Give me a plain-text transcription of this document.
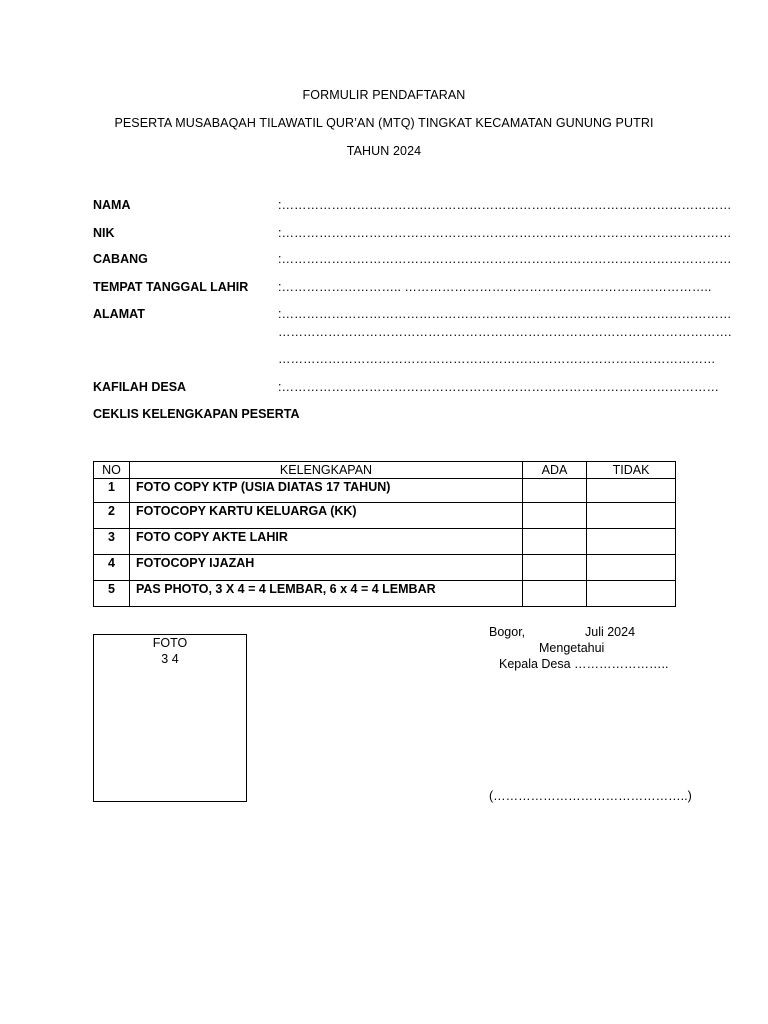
FORMULIR PENDAFTARAN
PESERTA MUSABAQAH TILAWATIL QUR’AN (MTQ) TINGKAT KECAMATAN GUNUNG PUTRI
TAHUN 2024
NAMA	:………………………………………………………………………………………………
NIK	:………………………………………………………………………………………………
CABANG	:………………………………………………………………………………………………
TEMPAT TANGGAL LAHIR :……………………….. ………………………………………………………………..
ALAMAT	:………………………………………………………………………………………………
……………………………………………………………………………………………….
……………………………………………………………………………………………
KAFILAH DESA	:……………………………………………………………………………………………
CEKLIS KELENGKAPAN PESERTA
NO	KELENGKAPAN	ADA	TIDAK
1	FOTO COPY KTP (USIA DIATAS 17 TAHUN)		
2	FOTOCOPY KARTU KELUARGA (KK)		
3	FOTO COPY AKTE LAHIR		
4	FOTOCOPY IJAZAH		
5	PAS PHOTO, 3 X 4 = 4 LEMBAR, 6 x 4 = 4 LEMBAR		
FOTO
3 4
Bogor,	Juli 2024
Mengetahui
Kepala Desa …………………..
(………………………………………..)
